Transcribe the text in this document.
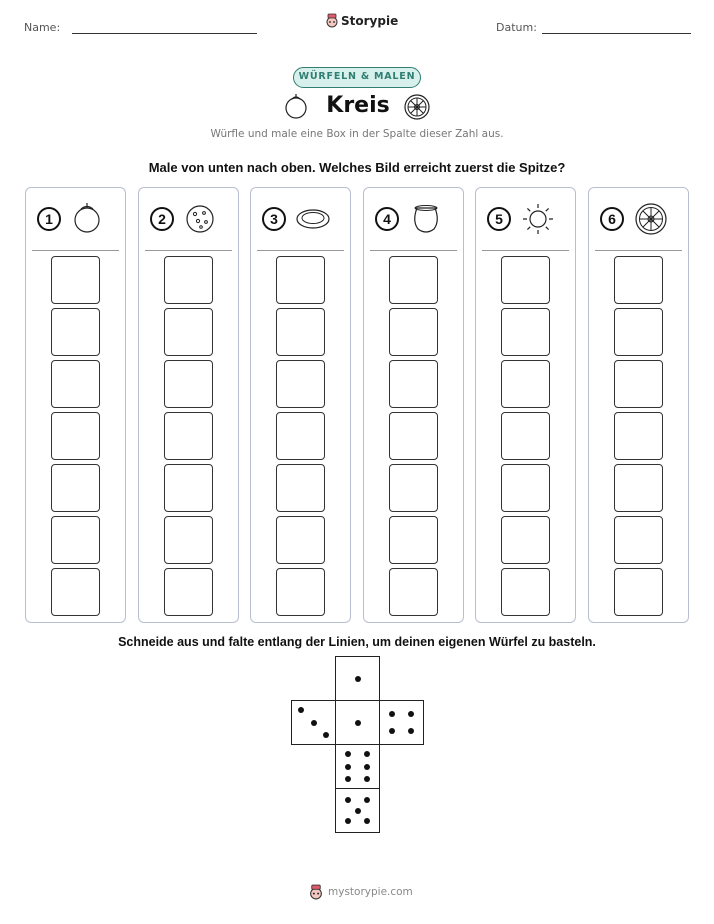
Name:	Storypie	Datum:
WÜRFELN & MALEN
Kreis
Würfle und male eine Box in der Spalte dieser Zahl aus.
Male von unten nach oben. Welches Bild erreicht zuerst die Spitze?
1	2	3	4	5	6
Schneide aus und falte entlang der Linien, um deinen eigenen Würfel zu basteln.
mystorypie.com
